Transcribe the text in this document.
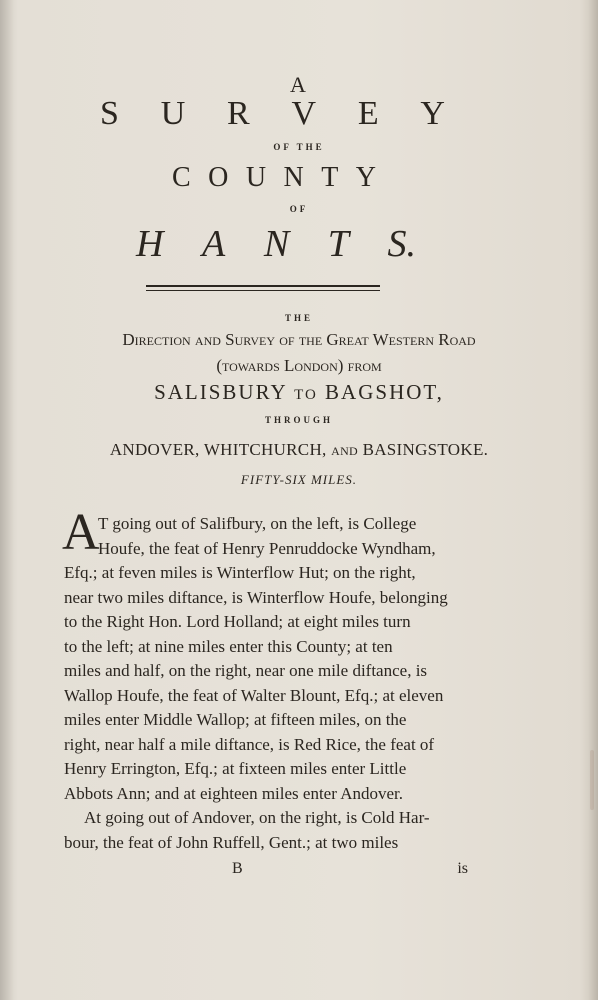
A
S U R V E Y
OF THE
C O U N T Y
OF
H A N T S.
THE
Direction and Survey of the Great Western Road
(towards London) from
SALISBURY to BAGSHOT,
THROUGH
ANDOVER, WHITCHURCH, and BASINGSTOKE.
FIFTY-SIX MILES.
A
T going out of Salifbury, on the left, is College
Houfe, the feat of Henry Penruddocke Wyndham,
Efq.; at feven miles is Winterflow Hut; on the right,
near two miles diftance, is Winterflow Houfe, belonging
to the Right Hon. Lord Holland; at eight miles turn
to the left; at nine miles enter this County; at ten
miles and half, on the right, near one mile diftance, is
Wallop Houfe, the feat of Walter Blount, Efq.; at eleven
miles enter Middle Wallop; at fifteen miles, on the
right, near half a mile diftance, is Red Rice, the feat of
Henry Errington, Efq.; at fixteen miles enter Little
Abbots Ann; and at eighteen miles enter Andover.
At going out of Andover, on the right, is Cold Har-
bour, the feat of John Ruffell, Gent.; at two miles
B	is
